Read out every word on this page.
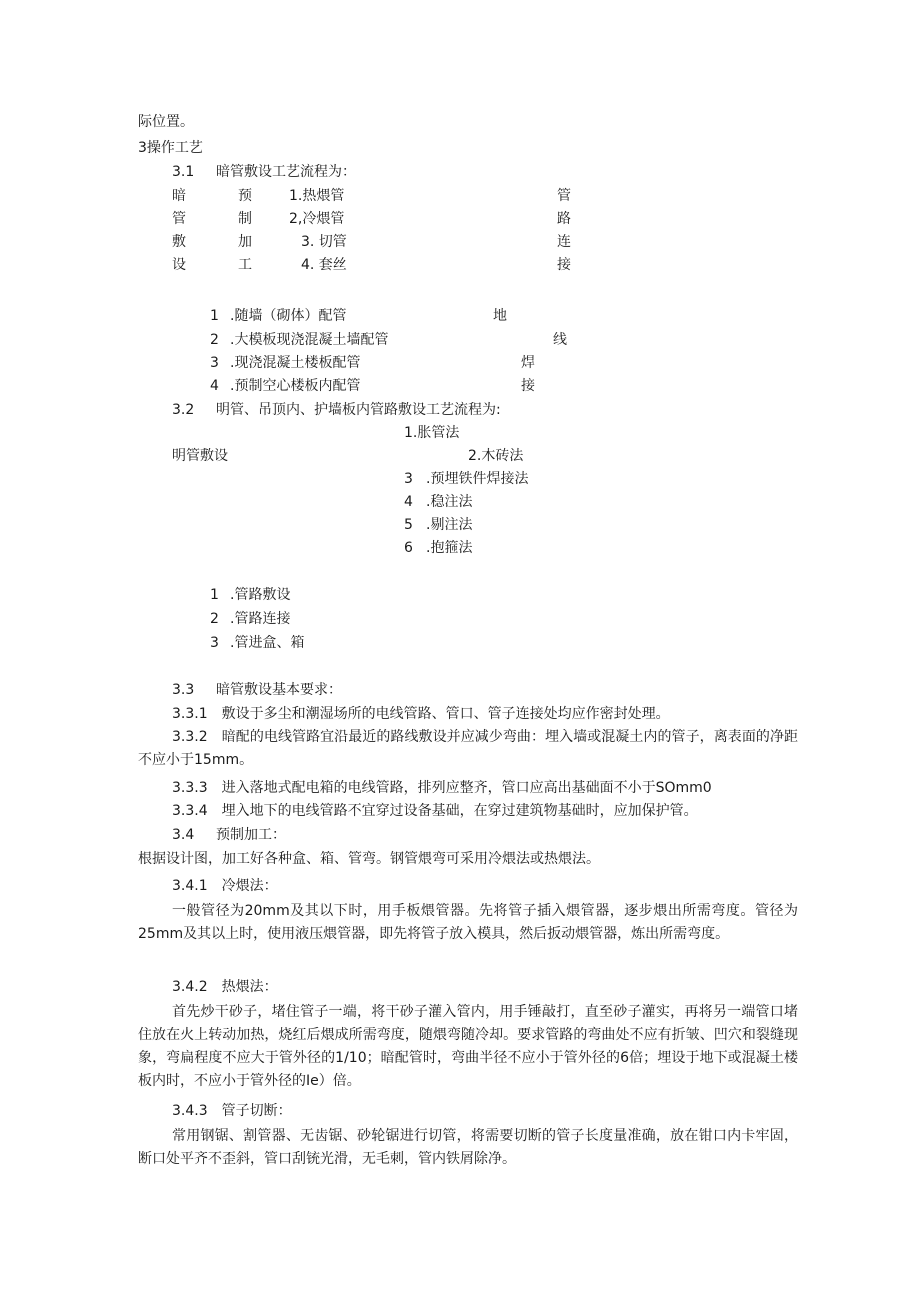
际位置。
3操作工艺
3.1 暗管敷设工艺流程为：
暗
管
敷
设
预
制
加
工
1.热煨管
2,冷煨管
3. 切管
4. 套丝
管
路
连
接
1 .随墙（砌体）配管
2 .大模板现浇混凝土墙配管
3 .现浇混凝土楼板配管
4 .预制空心楼板内配管
地
线
焊
接
3.2 明管、吊顶内、护墙板内管路敷设工艺流程为:
1.胀管法
明管敷设	2.木砖法
3 .预埋铁件焊接法
4 .稳注法
5 .剔注法
6 .抱箍法
1 .管路敷设
2 .管路连接
3 .管进盒、箱
3.3 暗管敷设基本要求：
3.3.1　敷设于多尘和潮湿场所的电线管路、管口、管子连接处均应作密封处理。
3.3.2　暗配的电线管路宜沿最近的路线敷设并应减少弯曲：埋入墙或混凝土内的管子，离表面的净距不应小于15mm。
3.3.3　进入落地式配电箱的电线管路，排列应整齐，管口应高出基础面不小于SOmm0
3.3.4　埋入地下的电线管路不宜穿过设备基础，在穿过建筑物基础时，应加保护管。
3.4 预制加工：
根据设计图，加工好各种盒、箱、管弯。钢管煨弯可采用冷煨法或热煨法。
3.4.1　冷煨法：
一般管径为20mm及其以下时，用手板煨管器。先将管子插入煨管器，逐步煨出所需弯度。管径为25mm及其以上时，使用液压煨管器，即先将管子放入模具，然后扳动煨管器，炼出所需弯度。
3.4.2　热煨法：
首先炒干砂子，堵住管子一端，将干砂子灌入管内，用手锤敲打，直至砂子灌实，再将另一端管口堵住放在火上转动加热，烧红后煨成所需弯度，随煨弯随冷却。要求管路的弯曲处不应有折皱、凹穴和裂缝现象，弯扁程度不应大于管外径的1/10；暗配管时，弯曲半径不应小于管外径的6倍；埋设于地下或混凝土楼板内时，不应小于管外径的Ie）倍。
3.4.3　管子切断：
常用钢锯、割管器、无齿锯、砂轮锯进行切管，将需要切断的管子长度量准确，放在钳口内卡牢固，断口处平齐不歪斜，管口刮铳光滑，无毛刺，管内铁屑除净。
